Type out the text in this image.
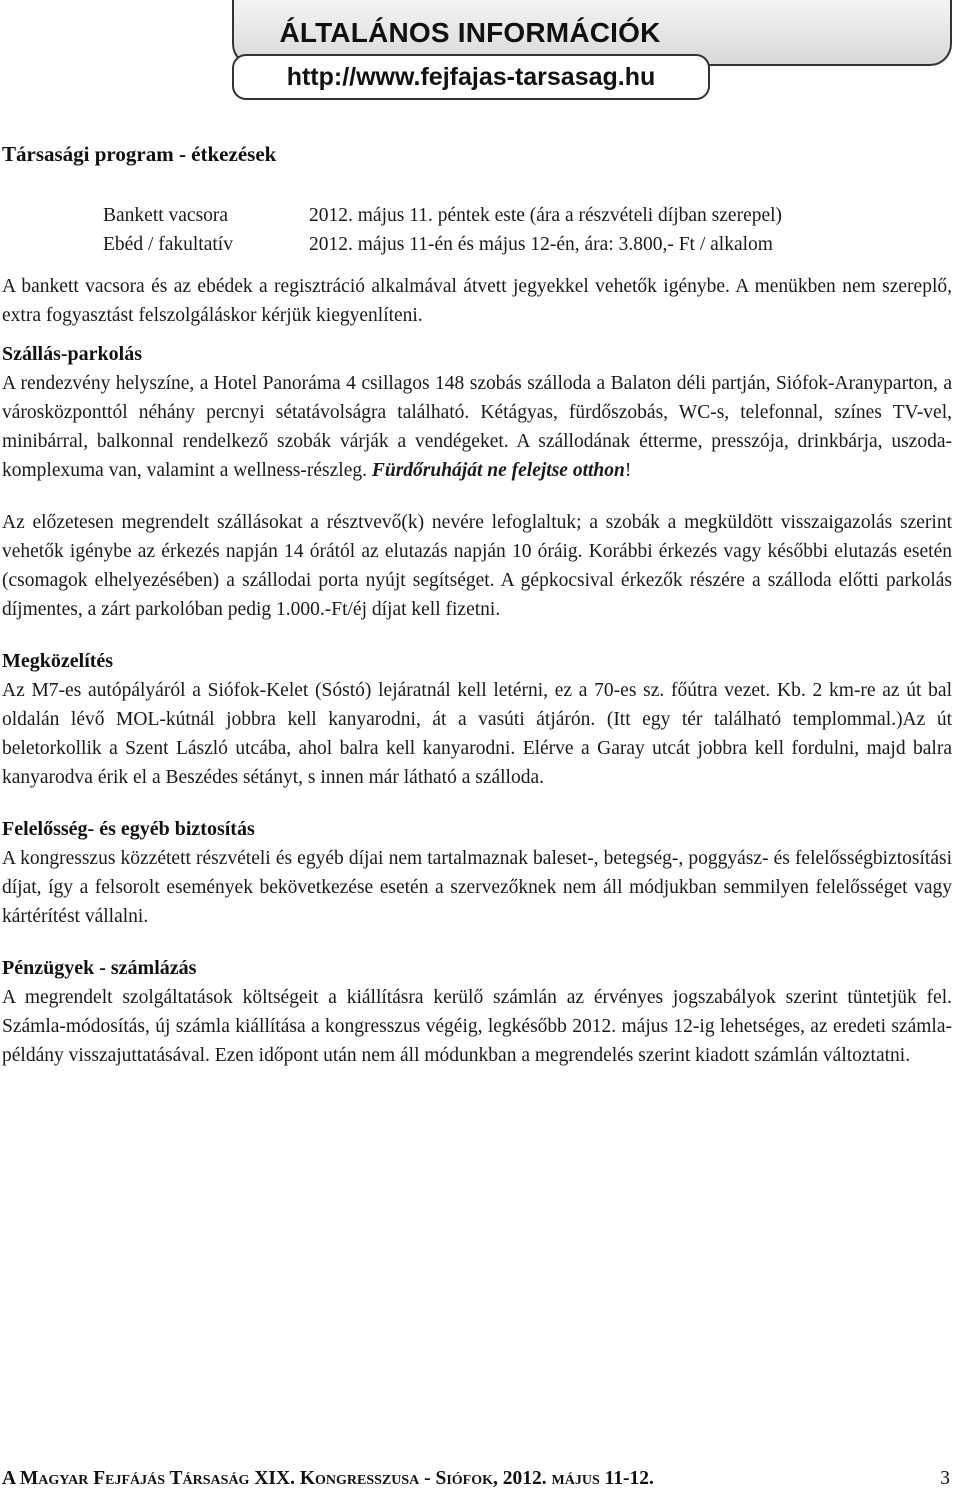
ÁLTALÁNOS INFORMÁCIÓK
http://www.fejfajas-tarsasag.hu
Társasági program - étkezések
Bankett vacsora	2012. május 11. péntek este (ára a részvételi díjban szerepel)
Ebéd / fakultatív	2012. május 11-én és május 12-én, ára: 3.800,- Ft / alkalom

A bankett vacsora és az ebédek a regisztráció alkalmával átvett jegyekkel vehetők igénybe. A menükben nem szereplő, extra fogyasztást felszolgáláskor kérjük kiegyenlíteni.

Szállás-parkolás

A rendezvény helyszíne, a Hotel Panoráma 4 csillagos 148 szobás szálloda a Balaton déli partján, Siófok-Aranyparton, a városközponttól néhány percnyi sétatávolságra található. Kétágyas, fürdőszobás, WC-s, telefonnal, színes TV-vel, minibárral, balkonnal rendelkező szobák várják a vendégeket. A szállodának étterme, presszója, drinkbárja, uszoda-komplexuma van, valamint a wellness-részleg. Fürdőruháját ne felejtse otthon!

Az előzetesen megrendelt szállásokat a résztvevő(k) nevére lefoglaltuk; a szobák a megküldött visszaigazolás szerint vehetők igénybe az érkezés napján 14 órától az elutazás napján 10 óráig. Korábbi érkezés vagy későbbi elutazás esetén (csomagok elhelyezésében) a szállodai porta nyújt segítséget. A gépkocsival érkezők részére a szálloda előtti parkolás díjmentes, a zárt parkolóban pedig 1.000.-Ft/éj díjat kell fizetni.

Megközelítés

Az M7-es autópályáról a Siófok-Kelet (Sóstó) lejáratnál kell letérni, ez a 70-es sz. főútra vezet. Kb. 2 km-re az út bal oldalán lévő MOL-kútnál jobbra kell kanyarodni, át a vasúti átjárón. (Itt egy tér található templommal.)Az út beletorkollik a Szent László utcába, ahol balra kell kanyarodni. Elérve a Garay utcát jobbra kell fordulni, majd balra kanyarodva érik el a Beszédes sétányt, s innen már látható a szálloda.

Felelősség- és egyéb biztosítás

A kongresszus közzétett részvételi és egyéb díjai nem tartalmaznak baleset-, betegség-, poggyász- és felelősségbiztosítási díjat, így a felsorolt események bekövetkezése esetén a szervezőknek nem áll módjukban semmilyen felelősséget vagy kártérítést vállalni.

Pénzügyek - számlázás

A megrendelt szolgáltatások költségeit a kiállításra kerülő számlán az érvényes jogszabályok szerint tüntetjük fel. Számla-módosítás, új számla kiállítása a kongresszus végéig, legkésőbb 2012. május 12-ig lehetséges, az eredeti számla-példány visszajuttatásával. Ezen időpont után nem áll módunkban a megrendelés szerint kiadott számlán változtatni.

A Magyar Fejfájás Társaság XIX. Kongresszusa - Siófok, 2012. május 11-12.	3
